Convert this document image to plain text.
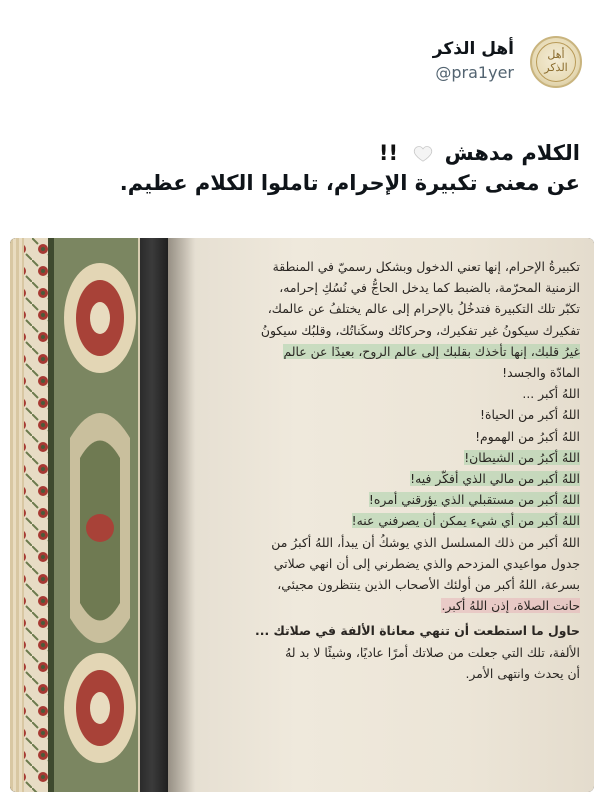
أهل
الذكر
أهل الذكر
@pra1yer
الكلام مدهش  !!
عن معنى تكبيرة الإحرام، تاملوا الكلام عظيم.
تكبيرةُ الإحرام، إنها تعني الدخول وبشكل رسميّ في المنطقة
الزمنية المحرّمة، بالضبط كما يدخل الحاجُّ في نُسُكِ إحرامه،
تكبّر تلك التكبيرة فتدخُلُ بالإحرام إلى عالم يختلفُ عن عالمك،
تفكيرك سيكونُ غير تفكيرك، وحركاتُك وسكَناتُك، وقلبُك سيكونُ
غيرُ قلبك، إنها تأخذك بقلبك إلى عالم الروح، بعيدًا عن عالم
المادّة والجسد!
اللهُ أكبر ...
اللهُ أكبر من الحياة!
اللهُ أكبرُ من الهموم!
اللهُ أكبرُ من الشيطان!
اللهُ أكبر من مالي الذي أفكّر فيه!
اللهُ أكبر من مستقبلي الذي يؤرقني أمره!
اللهُ أكبر من أي شيء يمكن أن يصرفني عنه!
اللهُ أكبر من ذلك المسلسل الذي يوشكُ أن يبدأ، اللهُ أكبرُ من
جدول مواعيدي المزدحم والذي يضطرني إلى أن انهي صلاتي
بسرعة، اللهُ أكبر من أولئك الأصحاب الذين ينتظرون مجيئي،
حانت الصلاة، إذن اللهُ أكبر.
حاول ما استطعت أن تنهي معاناة الألفة في صلاتك ...
الألفة، تلك التي جعلت من صلاتك أمرًا عاديًا، وشيئًا لا بد لهُ
أن يحدث وانتهى الأمر.
